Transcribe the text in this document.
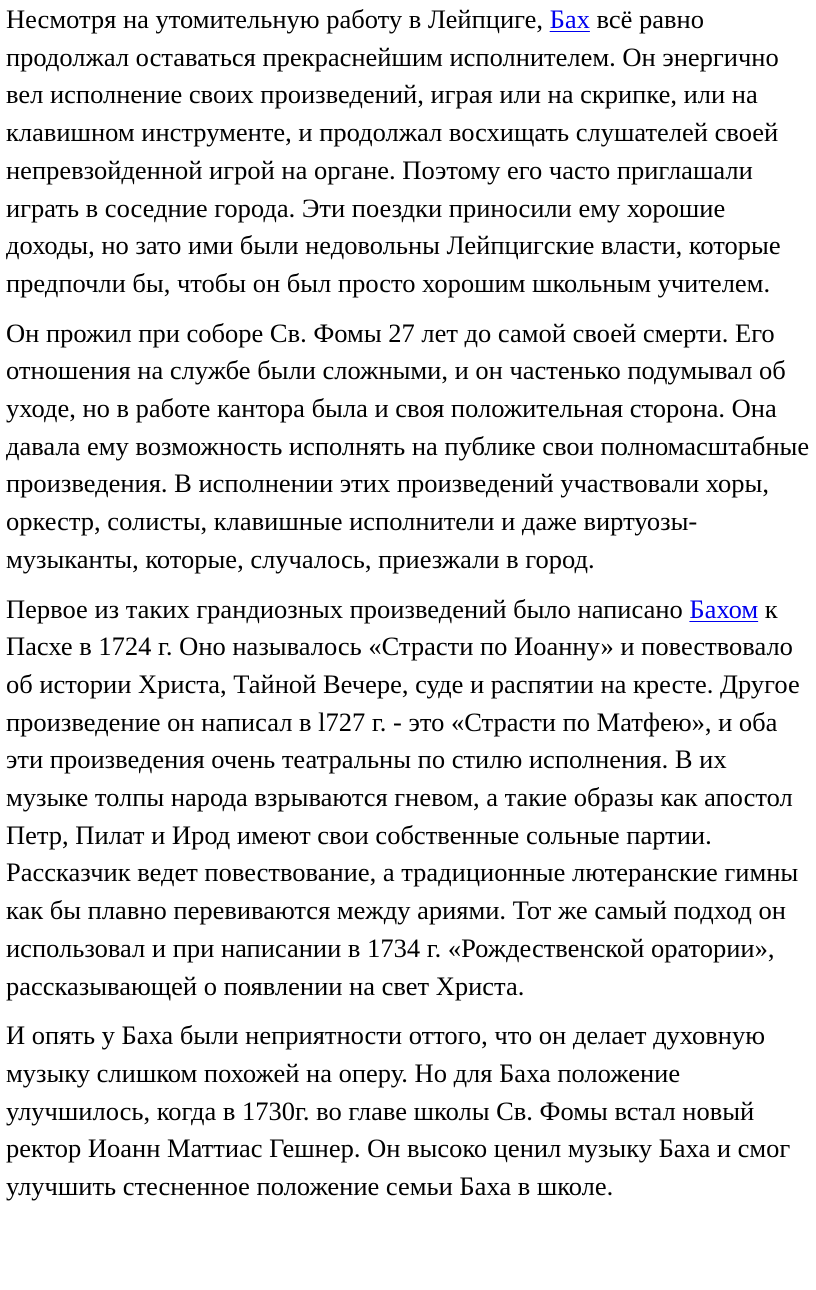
Несмотря на утомительную работу в Лейпциге, Бах всё равно продолжал оставаться прекраснейшим исполнителем. Он энергично вел исполнение своих произведений, играя или на скрипке, или на клавишном инструменте, и продолжал восхищать слушателей своей непревзойденной игрой на органе. Поэтому его часто приглашали играть в соседние города. Эти поездки приносили ему хорошие доходы, но зато ими были недовольны Лейпцигские власти, которые предпочли бы, чтобы он был просто хорошим школьным учителем.

Он прожил при соборе Св. Фомы 27 лет до самой своей смерти. Его отношения на службе были сложными, и он частенько подумывал об уходе, но в работе кантора была и своя положительная сторона. Она давала ему возможность исполнять на публике свои полномасштабные произведения. В исполнении этих произведений участвовали хоры, оркестр, солисты, клавишные исполнители и даже виртуозы-музыканты, которые, случалось, приезжали в город.

Первое из таких грандиозных произведений было написано Бахом к Пасхе в 1724 г. Оно называлось «Страсти по Иоанну» и повествовало об истории Христа, Тайной Вечере, суде и распятии на кресте. Другое произведение он написал в l727 г. - это «Страсти по Матфею», и оба эти произведения очень театральны по стилю исполнения. В их музыке толпы народа взрываются гневом, а такие образы как апостол Петр, Пилат и Ирод имеют свои собственные сольные партии. Рассказчик ведет повествование, а традиционные лютеранские гимны как бы плавно перевиваются между ариями. Тот же самый подход он использовал и при написании в 1734 г. «Рождественской оратории», рассказывающей о появлении на свет Христа.

И опять у Баха были неприятности оттого, что он делает духовную музыку слишком похожей на оперу. Но для Баха положение улучшилось, когда в 1730г. во главе школы Св. Фомы встал новый ректор Иоанн Маттиас Гешнер. Он высоко ценил музыку Баха и смог улучшить стесненное положение семьи Баха в школе.
